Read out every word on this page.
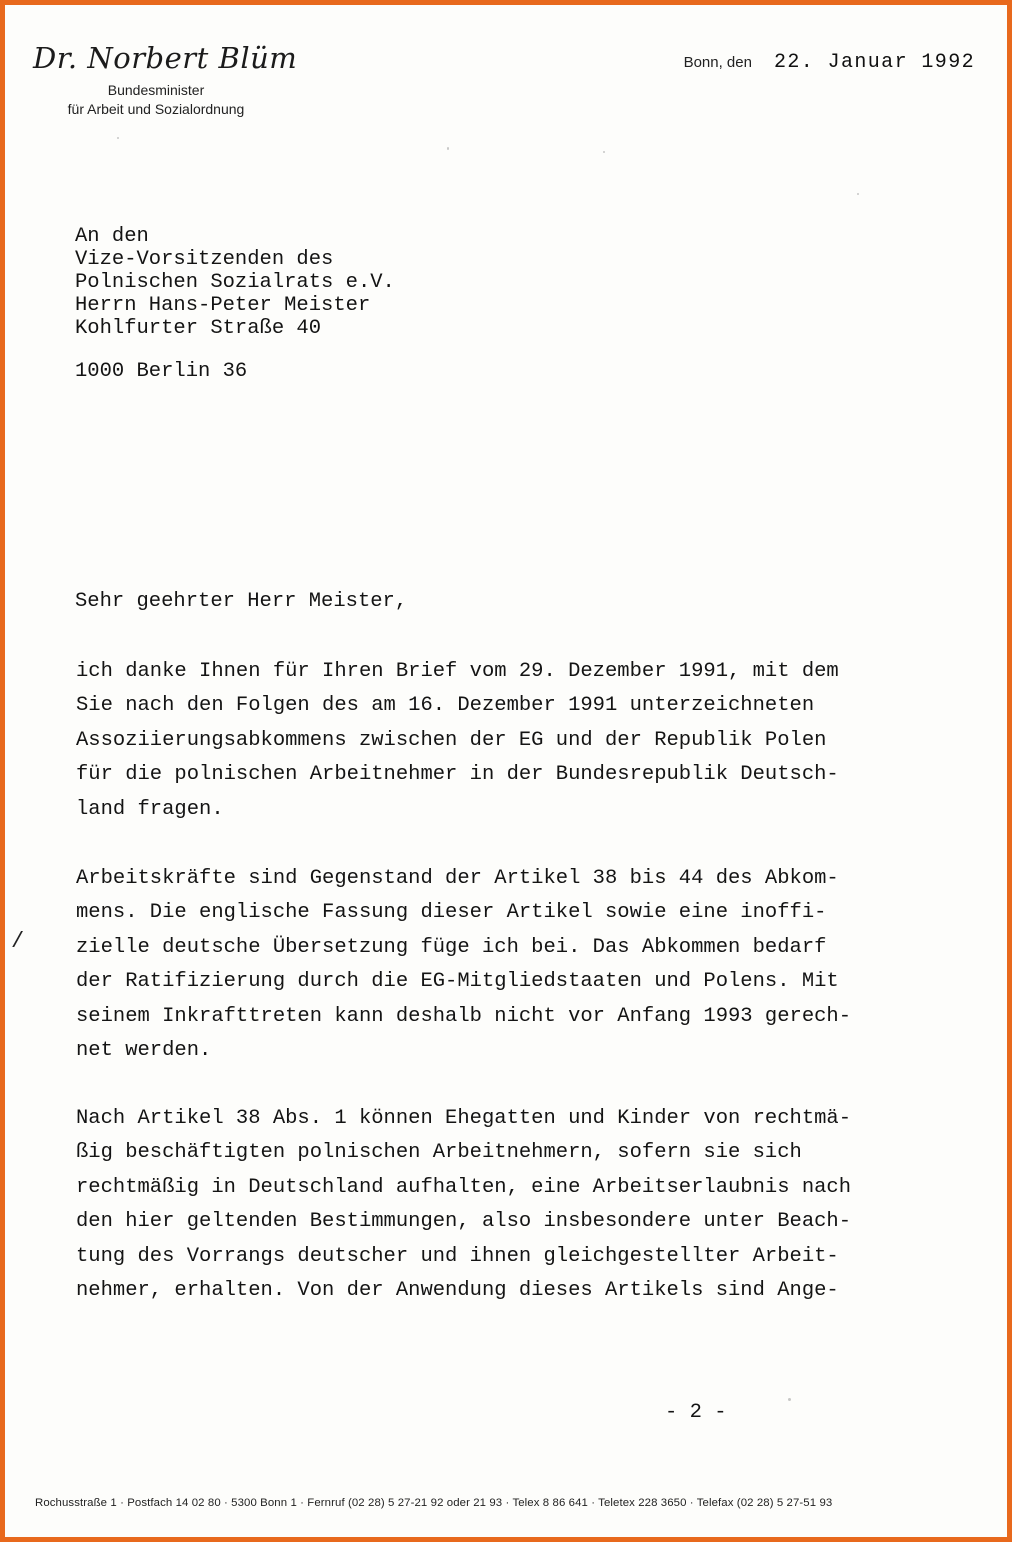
Dr. Norbert Blüm
Bundesminister
für Arbeit und Sozialordnung
Bonn, den 22. Januar 1992
An den
Vize-Vorsitzenden des
Polnischen Sozialrats e.V.
Herrn Hans-Peter Meister
Kohlfurter Straße 40
1000 Berlin 36
Sehr geehrter Herr Meister,
ich danke Ihnen für Ihren Brief vom 29. Dezember 1991, mit dem
Sie nach den Folgen des am 16. Dezember 1991 unterzeichneten
Assoziierungsabkommens zwischen der EG und der Republik Polen
für die polnischen Arbeitnehmer in der Bundesrepublik Deutsch-
land fragen.
Arbeitskräfte sind Gegenstand der Artikel 38 bis 44 des Abkom-
mens. Die englische Fassung dieser Artikel sowie eine inoffi-
zielle deutsche Übersetzung füge ich bei. Das Abkommen bedarf
der Ratifizierung durch die EG-Mitgliedstaaten und Polens. Mit
seinem Inkrafttreten kann deshalb nicht vor Anfang 1993 gerech-
net werden.
/
Nach Artikel 38 Abs. 1 können Ehegatten und Kinder von rechtmä-
ßig beschäftigten polnischen Arbeitnehmern, sofern sie sich
rechtmäßig in Deutschland aufhalten, eine Arbeitserlaubnis nach
den hier geltenden Bestimmungen, also insbesondere unter Beach-
tung des Vorrangs deutscher und ihnen gleichgestellter Arbeit-
nehmer, erhalten. Von der Anwendung dieses Artikels sind Ange-
- 2 -
Rochusstraße 1 · Postfach 14 02 80 · 5300 Bonn 1 · Fernruf (02 28) 5 27-21 92 oder 21 93 · Telex 8 86 641 · Teletex 228 3650 · Telefax (02 28) 5 27-51 93
